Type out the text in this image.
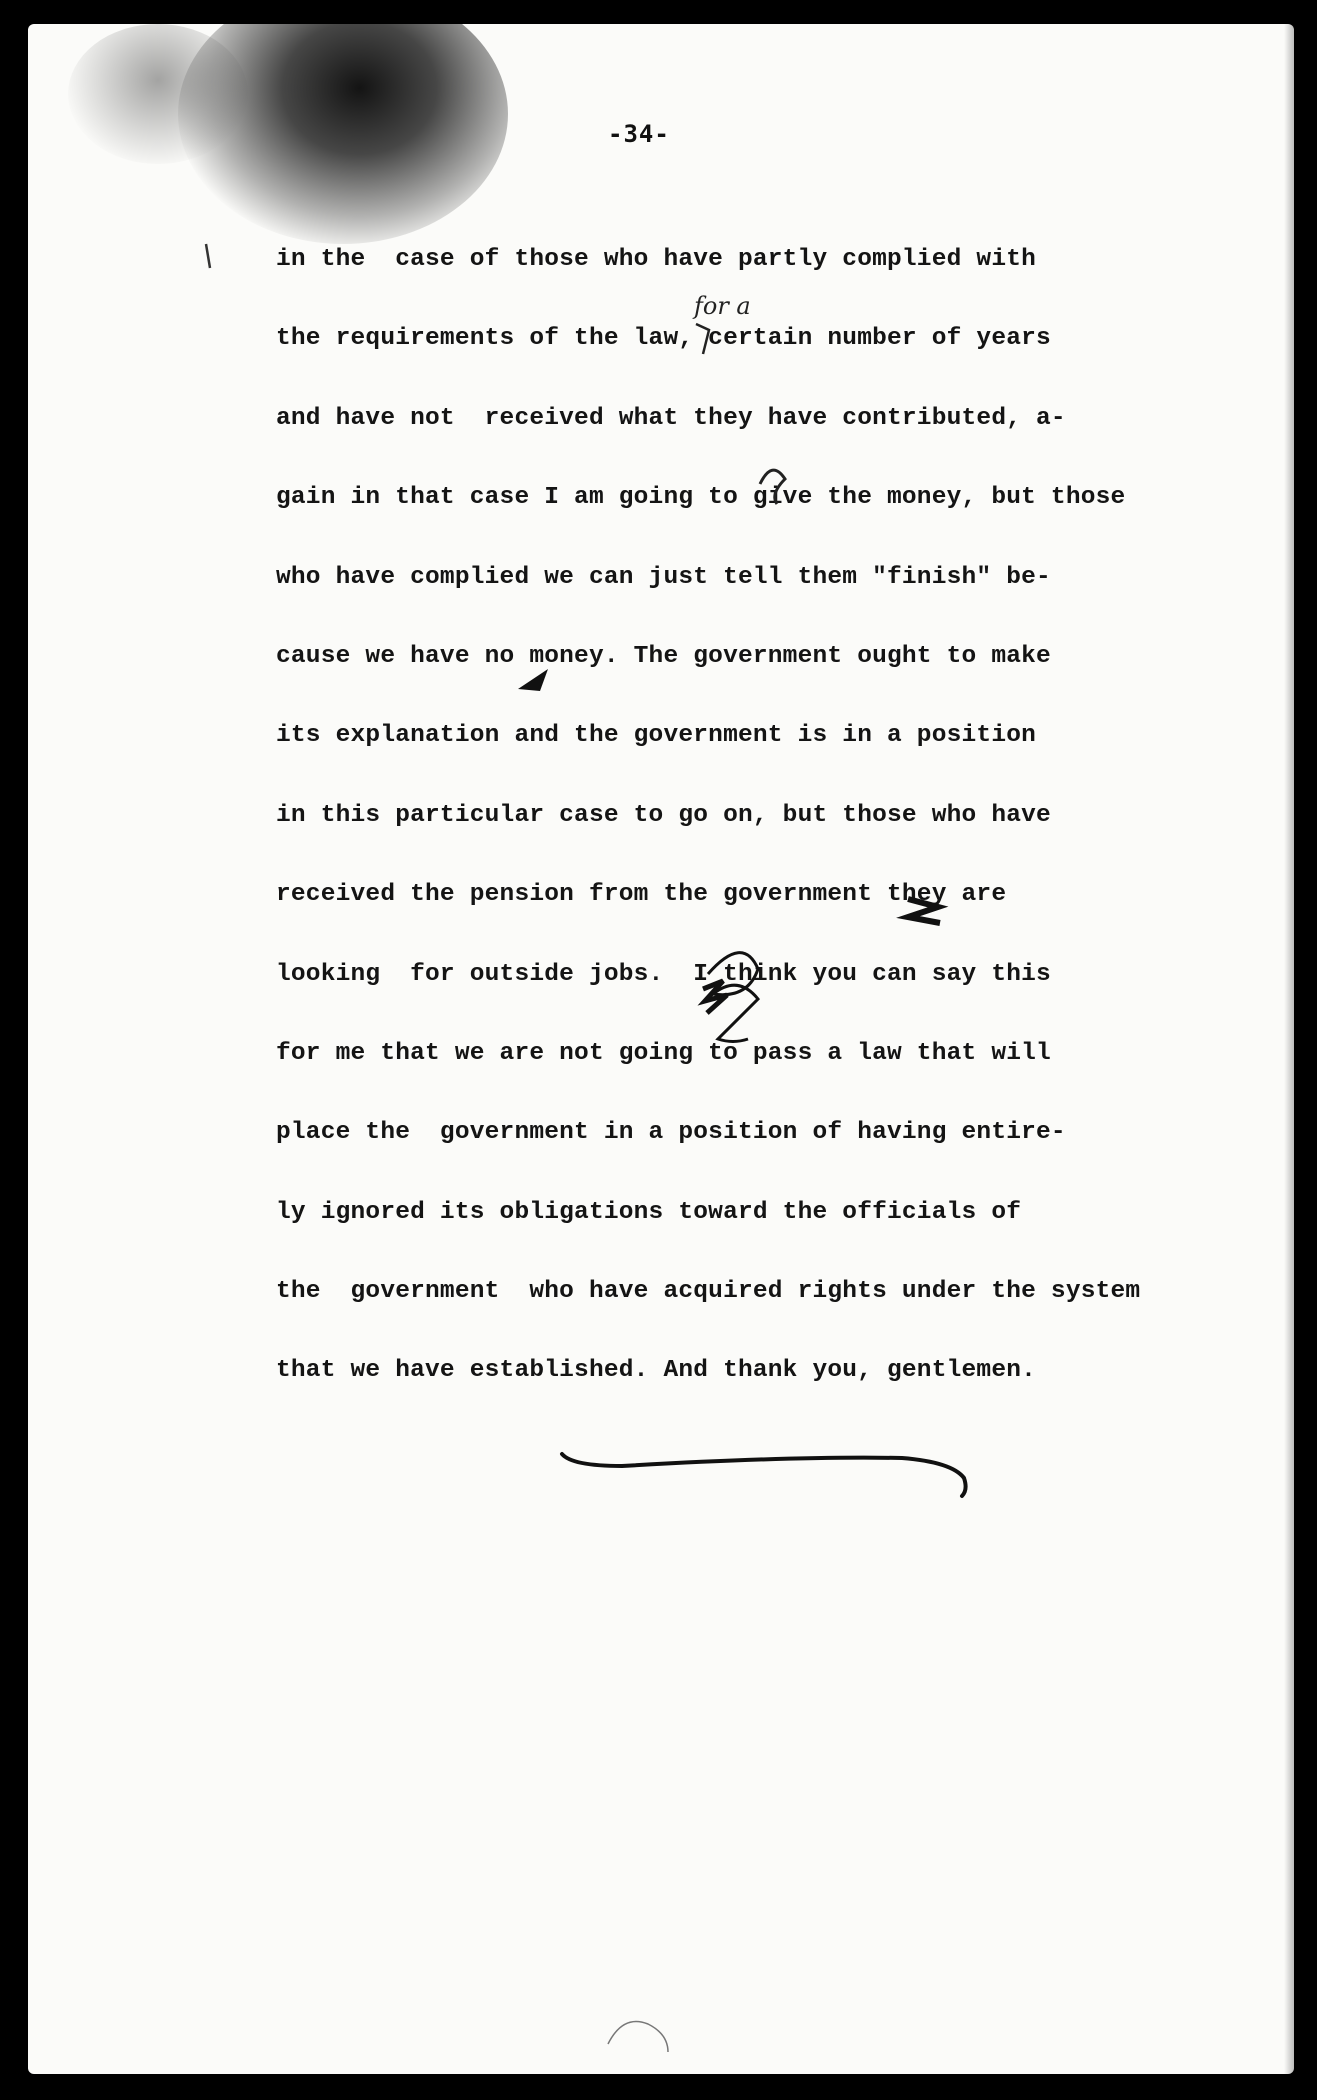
-34-
in the  case of those who have partly complied with
the requirements of the law, certain number of years
and have not  received what they have contributed, a-
gain in that case I am going to give the money, but those
who have complied we can just tell them "finish" be-
cause we have no money. The government ought to make
its explanation and the government is in a position
in this particular case to go on, but those who have
received the pension from the government they are
looking  for outside jobs.  I think you can say this
for me that we are not going to pass a law that will
place the  government in a position of having entire-
ly ignored its obligations toward the officials of
the  government  who have acquired rights under the system
that we have established. And thank you, gentlemen.
for a
